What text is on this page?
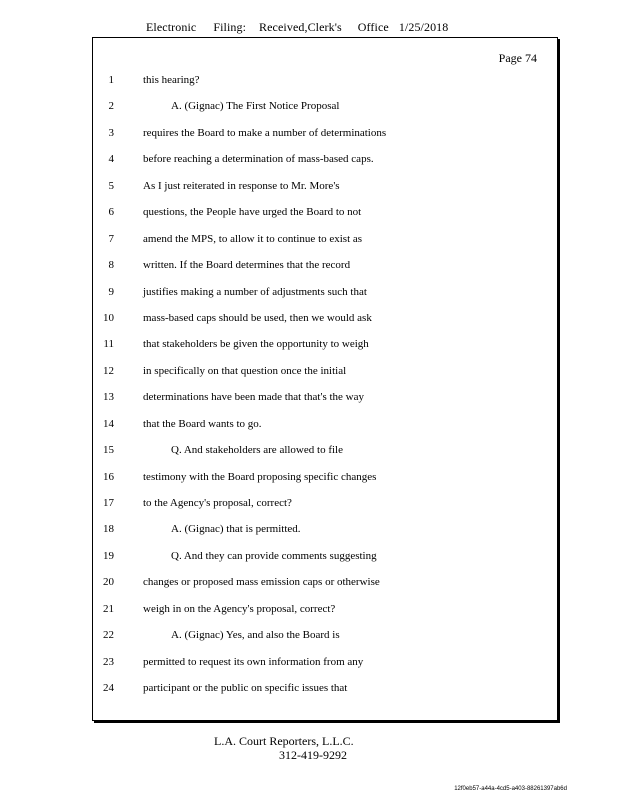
Electronic Filing: Received,Clerk's Office 1/25/2018
Page 74
1	this hearing?
2	A. (Gignac) The First Notice Proposal
3	requires the Board to make a number of determinations
4	before reaching a determination of mass-based caps.
5	As I just reiterated in response to Mr. More's
6	questions, the People have urged the Board to not
7	amend the MPS, to allow it to continue to exist as
8	written. If the Board determines that the record
9	justifies making a number of adjustments such that
10	mass-based caps should be used, then we would ask
11	that stakeholders be given the opportunity to weigh
12	in specifically on that question once the initial
13	determinations have been made that that's the way
14	that the Board wants to go.
15	Q. And stakeholders are allowed to file
16	testimony with the Board proposing specific changes
17	to the Agency's proposal, correct?
18	A. (Gignac) that is permitted.
19	Q. And they can provide comments suggesting
20	changes or proposed mass emission caps or otherwise
21	weigh in on the Agency's proposal, correct?
22	A. (Gignac) Yes, and also the Board is
23	permitted to request its own information from any
24	participant or the public on specific issues that
L.A. Court Reporters, L.L.C.
312-419-9292
12f0eb57-a44a-4cd5-a403-88261397ab6d
